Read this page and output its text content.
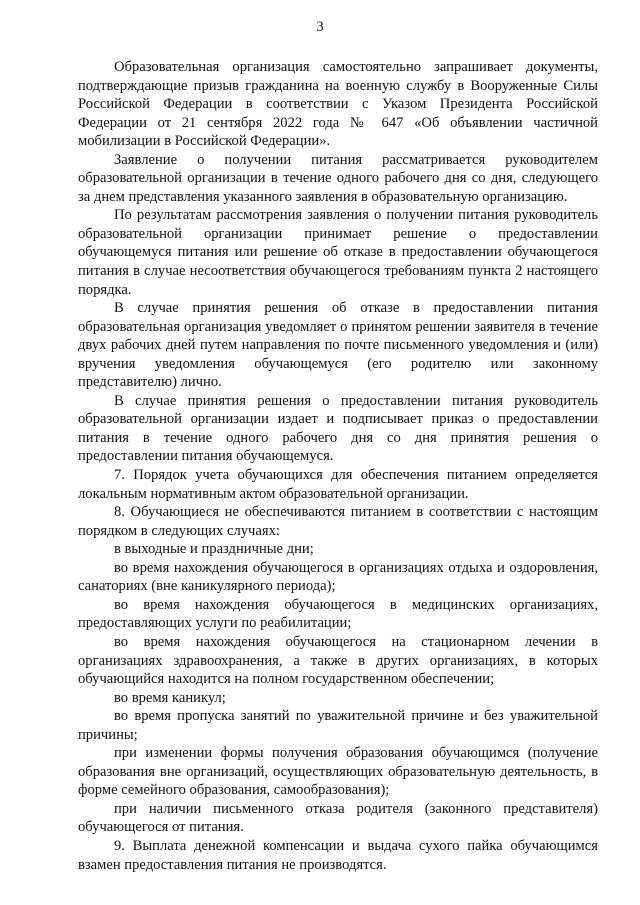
3

Образовательная организация самостоятельно запрашивает документы, подтверждающие призыв гражданина на военную службу в Вооруженные Силы Российской Федерации в соответствии с Указом Президента Российской Федерации от 21 сентября 2022 года № 647 «Об объявлении частичной мобилизации в Российской Федерации».

Заявление о получении питания рассматривается руководителем образовательной организации в течение одного рабочего дня со дня, следующего за днем представления указанного заявления в образовательную организацию.

По результатам рассмотрения заявления о получении питания руководитель образовательной организации принимает решение о предоставлении обучающемуся питания или решение об отказе в предоставлении обучающегося питания в случае несоответствия обучающегося требованиям пункта 2 настоящего порядка.

В случае принятия решения об отказе в предоставлении питания образовательная организация уведомляет о принятом решении заявителя в течение двух рабочих дней путем направления по почте письменного уведомления и (или) вручения уведомления обучающемуся (его родителю или законному представителю) лично.

В случае принятия решения о предоставлении питания руководитель образовательной организации издает и подписывает приказ о предоставлении питания в течение одного рабочего дня со дня принятия решения о предоставлении питания обучающемуся.

7. Порядок учета обучающихся для обеспечения питанием определяется локальным нормативным актом образовательной организации.

8. Обучающиеся не обеспечиваются питанием в соответствии с настоящим порядком в следующих случаях:

в выходные и праздничные дни;

во время нахождения обучающегося в организациях отдыха и оздоровления, санаториях (вне каникулярного периода);

во время нахождения обучающегося в медицинских организациях, предоставляющих услуги по реабилитации;

во время нахождения обучающегося на стационарном лечении в организациях здравоохранения, а также в других организациях, в которых обучающийся находится на полном государственном обеспечении;

во время каникул;

во время пропуска занятий по уважительной причине и без уважительной причины;

при изменении формы получения образования обучающимся (получение образования вне организаций, осуществляющих образовательную деятельность, в форме семейного образования, самообразования);

при наличии письменного отказа родителя (законного представителя) обучающегося от питания.

9. Выплата денежной компенсации и выдача сухого пайка обучающимся взамен предоставления питания не производятся.
